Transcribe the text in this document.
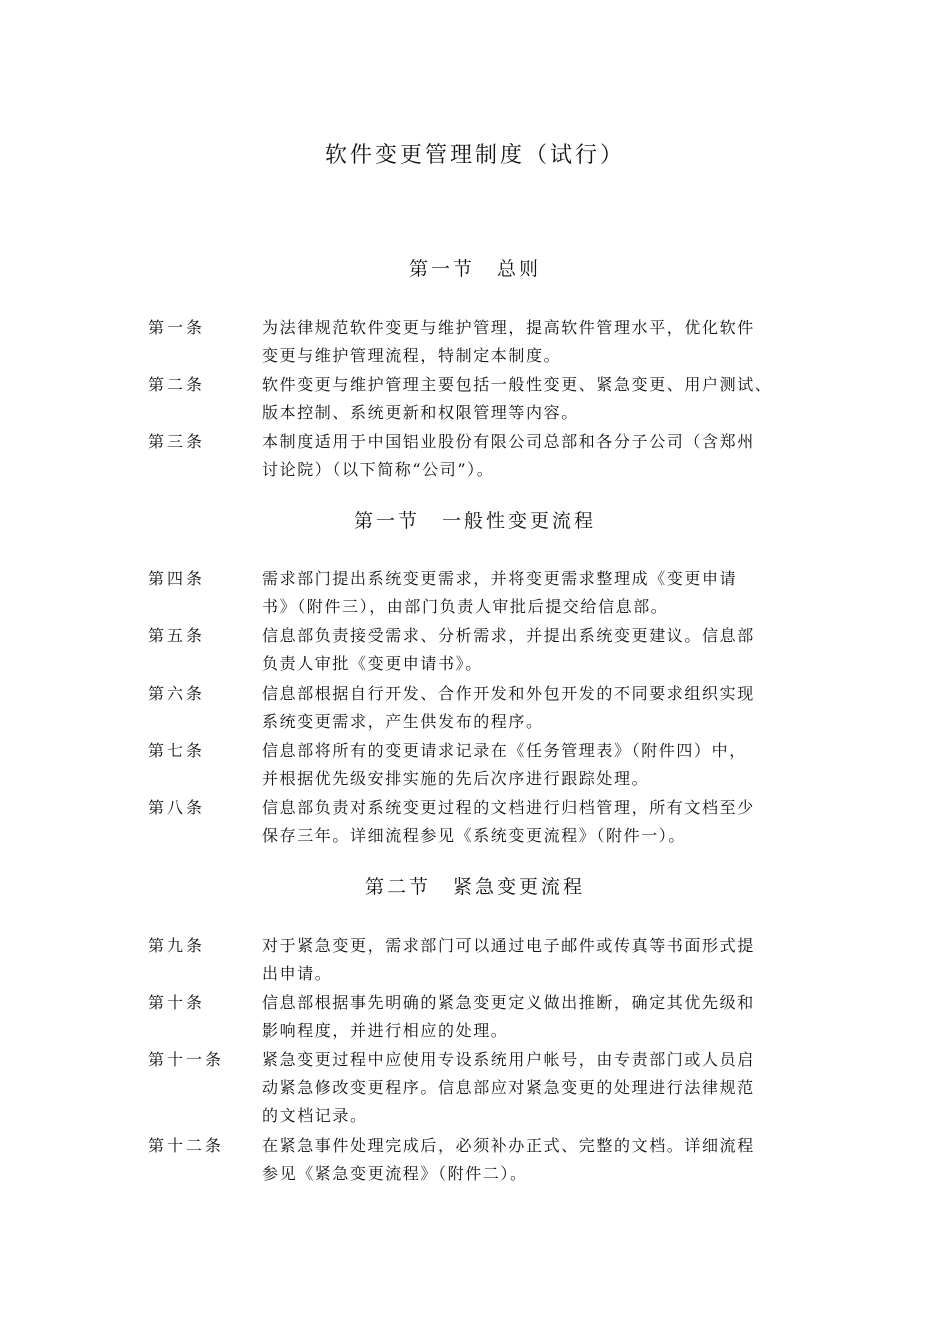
软件变更管理制度（试行）
第一节 总则
第一条	为法律规范软件变更与维护管理，提高软件管理水平，优化软件
变更与维护管理流程，特制定本制度。
第二条	软件变更与维护管理主要包括一般性变更、紧急变更、用户测试、
版本控制、系统更新和权限管理等内容。
第三条	本制度适用于中国铝业股份有限公司总部和各分子公司（含郑州
讨论院）（以下简称“公司”）。
第一节 一般性变更流程
第四条	需求部门提出系统变更需求，并将变更需求整理成《变更申请
书》（附件三），由部门负责人审批后提交给信息部。
第五条	信息部负责接受需求、分析需求，并提出系统变更建议。信息部
负责人审批《变更申请书》。
第六条	信息部根据自行开发、合作开发和外包开发的不同要求组织实现
系统变更需求，产生供发布的程序。
第七条	信息部将所有的变更请求记录在《任务管理表》（附件四）中，
并根据优先级安排实施的先后次序进行跟踪处理。
第八条	信息部负责对系统变更过程的文档进行归档管理，所有文档至少
保存三年。详细流程参见《系统变更流程》（附件一）。
第二节 紧急变更流程
第九条	对于紧急变更，需求部门可以通过电子邮件或传真等书面形式提
出申请。
第十条	信息部根据事先明确的紧急变更定义做出推断，确定其优先级和
影响程度，并进行相应的处理。
第十一条	紧急变更过程中应使用专设系统用户帐号，由专责部门或人员启
动紧急修改变更程序。信息部应对紧急变更的处理进行法律规范
的文档记录。
第十二条	在紧急事件处理完成后，必须补办正式、完整的文档。详细流程
参见《紧急变更流程》（附件二）。
